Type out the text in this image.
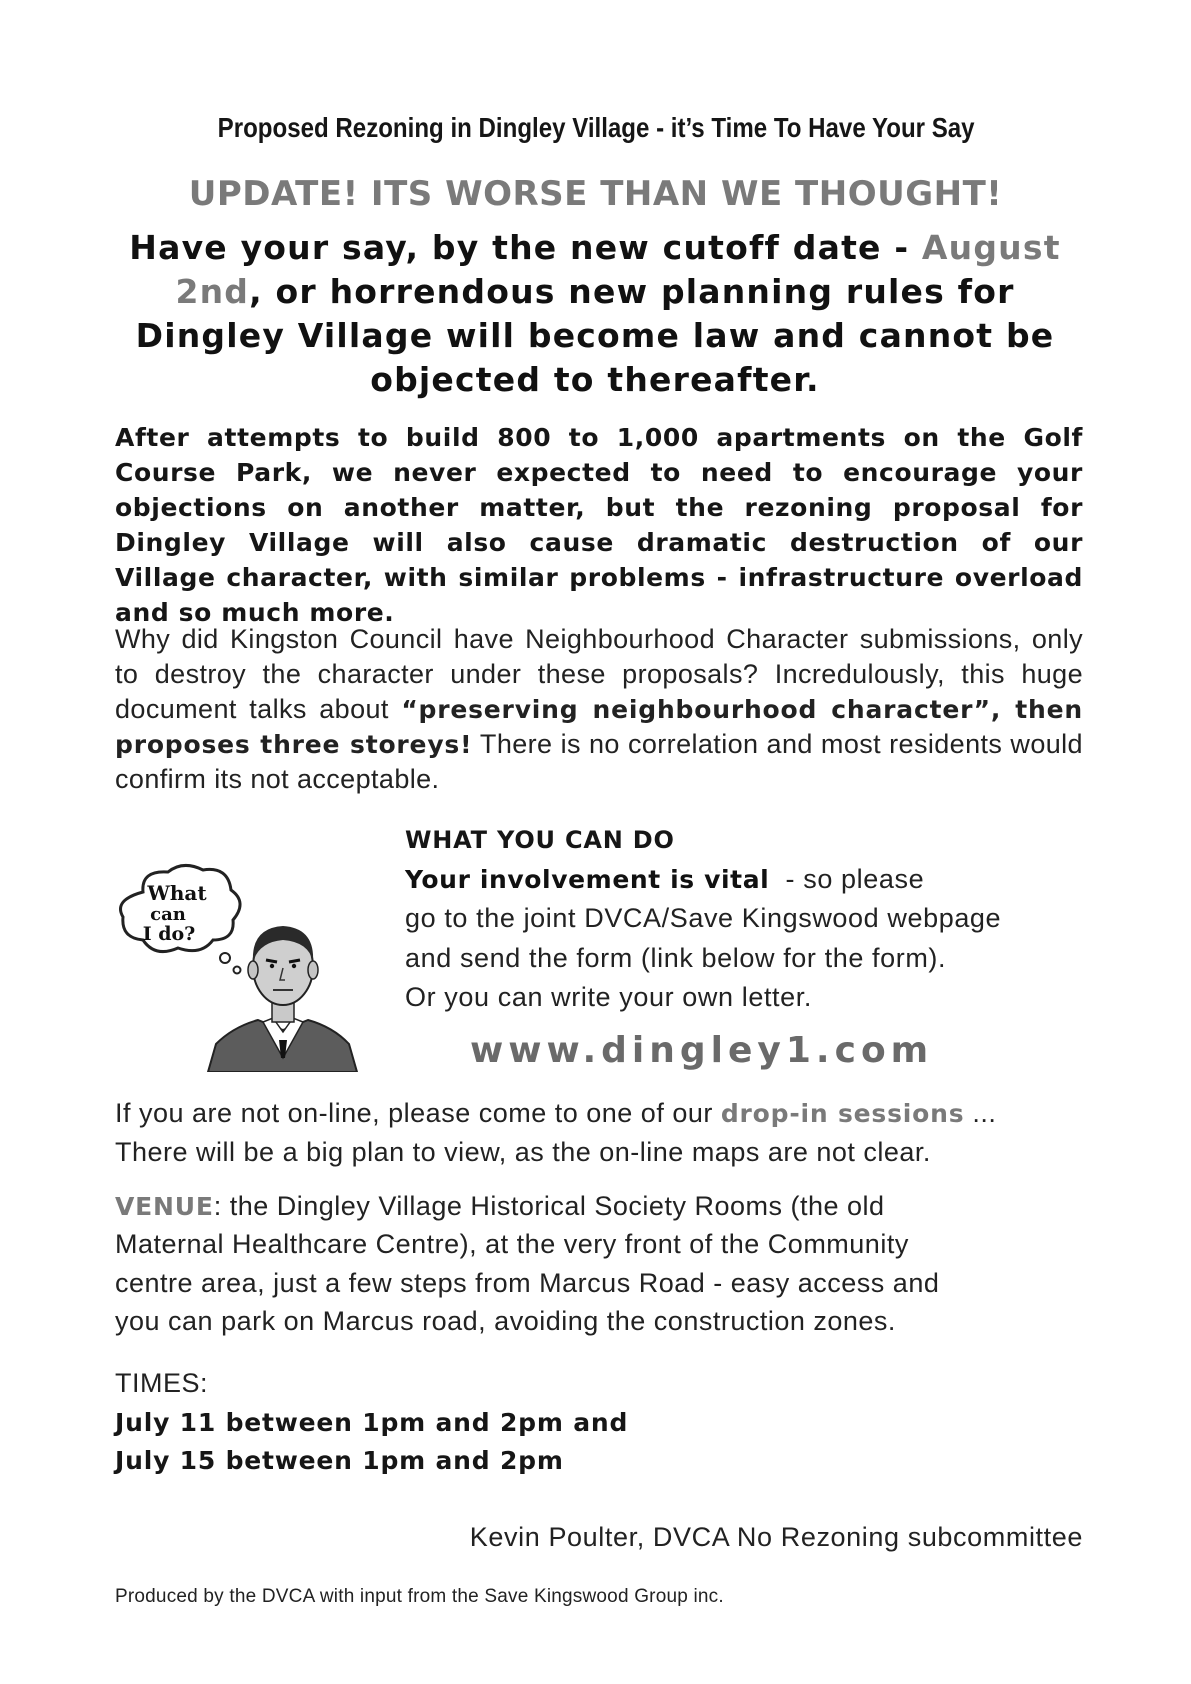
Proposed Rezoning in Dingley Village - it’s Time To Have Your Say
UPDATE! ITS WORSE THAN WE THOUGHT!
Have your say, by the new cutoff date - August 2nd, or horrendous new planning rules for Dingley Village will become law and cannot be objected to thereafter.
After attempts to build 800 to 1,000 apartments on the Golf Course Park, we never expected to need to encourage your objections on another matter, but the rezoning proposal for Dingley Village will also cause dramatic destruction of our Village character, with similar problems - infrastructure overload and so much more.
Why did Kingston Council have Neighbourhood Character submissions, only to destroy the character under these proposals? Incredulously, this huge document talks about “preserving neighbourhood character”, then proposes three storeys! There is no correlation and most residents would confirm its not acceptable.
What
can
I do?
WHAT YOU CAN DO
Your involvement is vital  - so please
go to the joint DVCA/Save Kingswood webpage
and send the form (link below for the form).
Or you can write your own letter.
www.dingley1.com
If you are not on-line, please come to one of our drop-in sessions ...
There will be a big plan to view, as the on-line maps are not clear.
VENUE: the Dingley Village Historical Society Rooms (the old
Maternal Healthcare Centre), at the very front of the Community
centre area, just a few steps from Marcus Road - easy access and
you can park on Marcus road, avoiding the construction zones.
TIMES:
July 11 between 1pm and 2pm and
July 15 between 1pm and 2pm
Kevin Poulter, DVCA No Rezoning subcommittee
Produced by the DVCA with input from the Save Kingswood Group inc.
